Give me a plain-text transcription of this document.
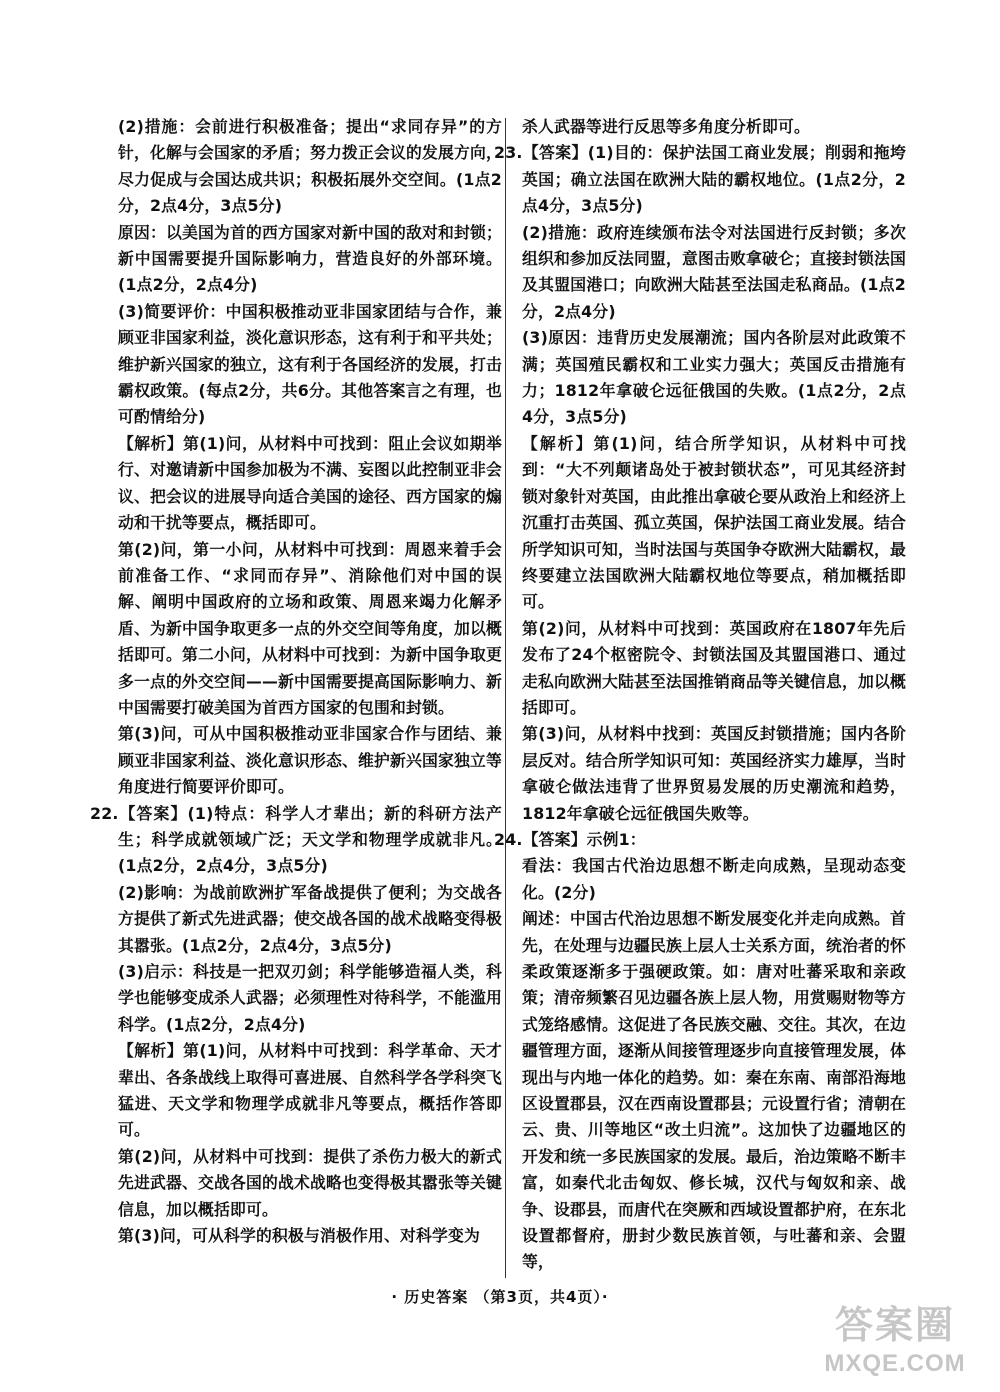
(2)措施：会前进行积极准备；提出“求同存异”的方针，化解与会国家的矛盾；努力拨正会议的发展方向，尽力促成与会国达成共识；积极拓展外交空间。(1点2分，2点4分，3点5分)

原因：以美国为首的西方国家对新中国的敌对和封锁；新中国需要提升国际影响力，营造良好的外部环境。(1点2分，2点4分)

(3)简要评价：中国积极推动亚非国家团结与合作，兼顾亚非国家利益，淡化意识形态，这有利于和平共处；维护新兴国家的独立，这有利于各国经济的发展，打击霸权政策。(每点2分，共6分。其他答案言之有理，也可酌情给分)

【解析】第(1)问，从材料中可找到：阻止会议如期举行、对邀请新中国参加极为不满、妄图以此控制亚非会议、把会议的进展导向适合美国的途径、西方国家的煽动和干扰等要点，概括即可。

第(2)问，第一小问，从材料中可找到：周恩来着手会前准备工作、“求同而存异”、消除他们对中国的误解、阐明中国政府的立场和政策、周恩来竭力化解矛盾、为新中国争取更多一点的外交空间等角度，加以概括即可。第二小问，从材料中可找到：为新中国争取更多一点的外交空间——新中国需要提高国际影响力、新中国需要打破美国为首西方国家的包围和封锁。

第(3)问，可从中国积极推动亚非国家合作与团结、兼顾亚非国家利益、淡化意识形态、维护新兴国家独立等角度进行简要评价即可。

22.【答案】(1)特点：科学人才辈出；新的科研方法产生；科学成就领域广泛；天文学和物理学成就非凡。(1点2分，2点4分，3点5分)

(2)影响：为战前欧洲扩军备战提供了便利；为交战各方提供了新式先进武器；使交战各国的战术战略变得极其嚣张。(1点2分，2点4分，3点5分)

(3)启示：科技是一把双刃剑；科学能够造福人类，科学也能够变成杀人武器；必须理性对待科学，不能滥用科学。(1点2分，2点4分)

【解析】第(1)问，从材料中可找到：科学革命、天才辈出、各条战线上取得可喜进展、自然科学各学科突飞猛进、天文学和物理学成就非凡等要点，概括作答即可。

第(2)问，从材料中可找到：提供了杀伤力极大的新式先进武器、交战各国的战术战略也变得极其嚣张等关键信息，加以概括即可。

第(3)问，可从科学的积极与消极作用、对科学变为

杀人武器等进行反思等多角度分析即可。

23.【答案】(1)目的：保护法国工商业发展；削弱和拖垮英国；确立法国在欧洲大陆的霸权地位。(1点2分，2点4分，3点5分)

(2)措施：政府连续颁布法令对法国进行反封锁；多次组织和参加反法同盟，意图击败拿破仑；直接封锁法国及其盟国港口；向欧洲大陆甚至法国走私商品。(1点2分，2点4分)

(3)原因：违背历史发展潮流；国内各阶层对此政策不满；英国殖民霸权和工业实力强大；英国反击措施有力；1812年拿破仑远征俄国的失败。(1点2分，2点4分，3点5分)

【解析】第(1)问，结合所学知识，从材料中可找到：“大不列颠诸岛处于被封锁状态”，可见其经济封锁对象针对英国，由此推出拿破仑要从政治上和经济上沉重打击英国、孤立英国，保护法国工商业发展。结合所学知识可知，当时法国与英国争夺欧洲大陆霸权，最终要建立法国欧洲大陆霸权地位等要点，稍加概括即可。

第(2)问，从材料中可找到：英国政府在1807年先后发布了24个枢密院令、封锁法国及其盟国港口、通过走私向欧洲大陆甚至法国推销商品等关键信息，加以概括即可。

第(3)问，从材料中找到：英国反封锁措施；国内各阶层反对。结合所学知识可知：英国经济实力雄厚，当时拿破仑做法违背了世界贸易发展的历史潮流和趋势，1812年拿破仑远征俄国失败等。

24.【答案】示例1：

看法：我国古代治边思想不断走向成熟，呈现动态变化。(2分)

阐述：中国古代治边思想不断发展变化并走向成熟。首先，在处理与边疆民族上层人士关系方面，统治者的怀柔政策逐渐多于强硬政策。如：唐对吐蕃采取和亲政策；清帝频繁召见边疆各族上层人物，用赏赐财物等方式笼络感情。这促进了各民族交融、交往。其次，在边疆管理方面，逐渐从间接管理逐步向直接管理发展，体现出与内地一体化的趋势。如：秦在东南、南部沿海地区设置郡县，汉在西南设置郡县；元设置行省；清朝在云、贵、川等地区“改土归流”。这加快了边疆地区的开发和统一多民族国家的发展。最后，治边策略不断丰富，如秦代北击匈奴、修长城，汉代与匈奴和亲、战争、设郡县，而唐代在突厥和西域设置都护府，在东北设置都督府，册封少数民族首领，与吐蕃和亲、会盟等，

· 历史答案 （第3页，共4页）·
答案圈
MXQE.COM
